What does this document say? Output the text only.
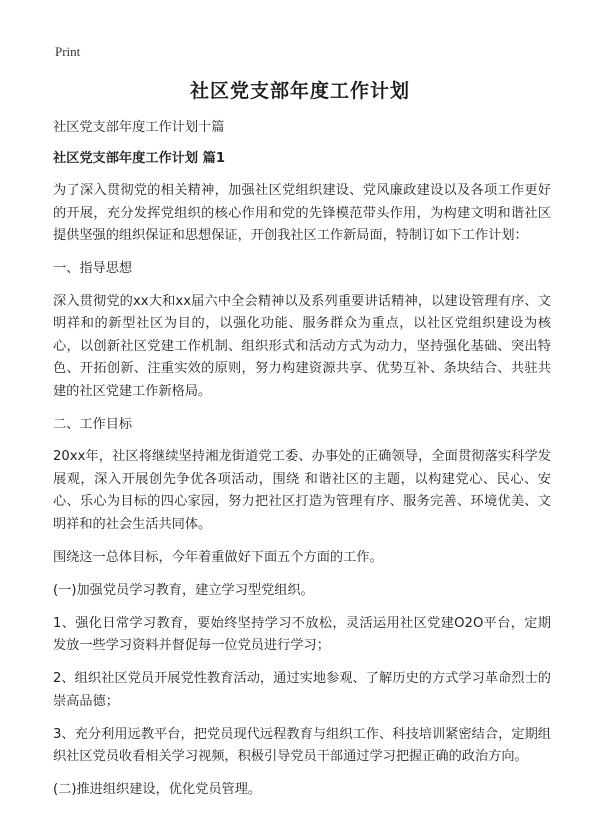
Print
社区党支部年度工作计划

社区党支部年度工作计划十篇

社区党支部年度工作计划 篇1

为了深入贯彻党的相关精神，加强社区党组织建设、党风廉政建设以及各项工作更好的开展，充分发挥党组织的核心作用和党的先锋模范带头作用，为构建文明和谐社区提供坚强的组织保证和思想保证，开创我社区工作新局面，特制订如下工作计划：

一、指导思想

深入贯彻党的xx大和xx届六中全会精神以及系列重要讲话精神，以建设管理有序、文明祥和的新型社区为目的，以强化功能、服务群众为重点，以社区党组织建设为核心，以创新社区党建工作机制、组织形式和活动方式为动力，坚持强化基础、突出特色、开拓创新、注重实效的原则，努力构建资源共享、优势互补、条块结合、共驻共建的社区党建工作新格局。

二、工作目标

20xx年，社区将继续坚持湘龙街道党工委、办事处的正确领导，全面贯彻落实科学发展观，深入开展创先争优各项活动，围绕 和谐社区的主题，以构建党心、民心、安心、乐心为目标的四心家园，努力把社区打造为管理有序、服务完善、环境优美、文明祥和的社会生活共同体。

围绕这一总体目标，今年着重做好下面五个方面的工作。

(一)加强党员学习教育，建立学习型党组织。

1、强化日常学习教育，要始终坚持学习不放松，灵活运用社区党建O2O平台，定期发放一些学习资料并督促每一位党员进行学习；

2、组织社区党员开展党性教育活动，通过实地参观、了解历史的方式学习革命烈士的崇高品德；

3、充分利用远教平台，把党员现代远程教育与组织工作、科技培训紧密结合，定期组织社区党员收看相关学习视频，积极引导党员干部通过学习把握正确的政治方向。

(二)推进组织建设，优化党员管理。
